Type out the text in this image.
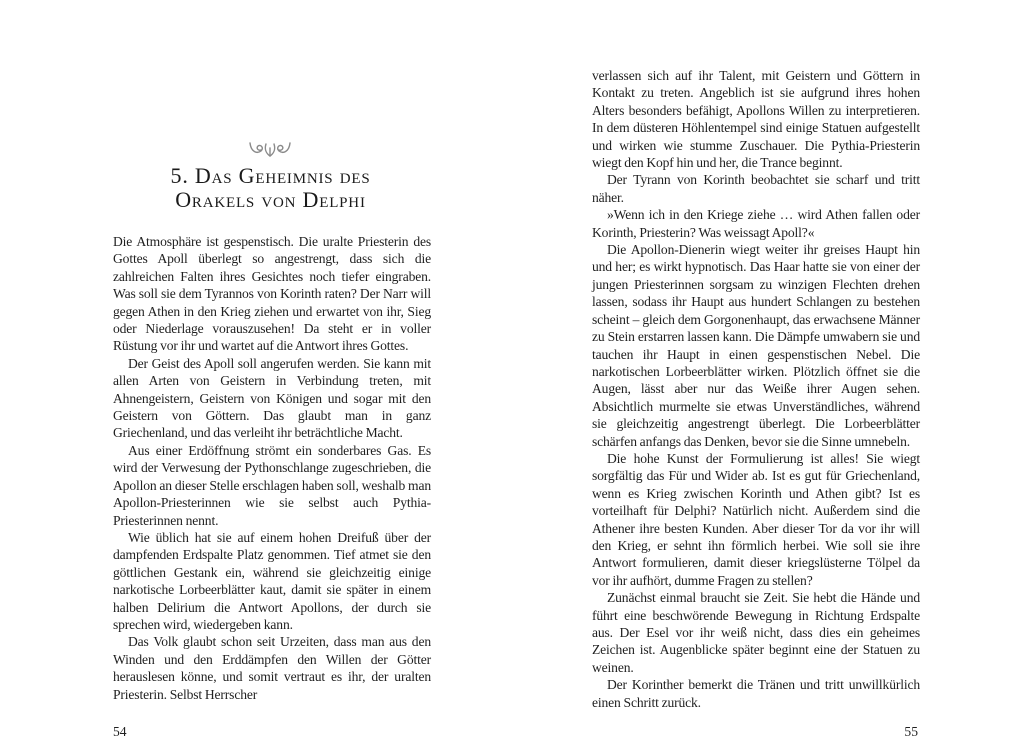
5. Das Geheimnis des
Orakels von Delphi

Die Atmosphäre ist gespenstisch. Die uralte Priesterin des Gottes Apoll überlegt so angestrengt, dass sich die zahlreichen Falten ihres Gesichtes noch tiefer eingraben. Was soll sie dem Tyrannos von Korinth raten? Der Narr will gegen Athen in den Krieg ziehen und erwartet von ihr, Sieg oder Niederlage vorauszusehen! Da steht er in voller Rüstung vor ihr und wartet auf die Antwort ihres Gottes.

Der Geist des Apoll soll angerufen werden. Sie kann mit allen Arten von Geistern in Verbindung treten, mit Ahnengeistern, Geistern von Königen und sogar mit den Geistern von Göttern. Das glaubt man in ganz Griechenland, und das verleiht ihr beträchtliche Macht.

Aus einer Erdöffnung strömt ein sonderbares Gas. Es wird der Verwesung der Pythonschlange zugeschrieben, die Apollon an dieser Stelle erschlagen haben soll, weshalb man Apollon-Priesterinnen wie sie selbst auch Pythia-Priesterinnen nennt.

Wie üblich hat sie auf einem hohen Dreifuß über der dampfenden Erdspalte Platz genommen. Tief atmet sie den göttlichen Gestank ein, während sie gleichzeitig einige narkotische Lorbeerblätter kaut, damit sie später in einem halben Delirium die Antwort Apollons, der durch sie sprechen wird, wiedergeben kann.

Das Volk glaubt schon seit Urzeiten, dass man aus den Winden und den Erddämpfen den Willen der Götter herauslesen könne, und somit vertraut es ihr, der uralten Priesterin. Selbst Herrscher

54

verlassen sich auf ihr Talent, mit Geistern und Göttern in Kontakt zu treten. Angeblich ist sie aufgrund ihres hohen Alters besonders befähigt, Apollons Willen zu interpretieren. In dem düsteren Höhlentempel sind einige Statuen aufgestellt und wirken wie stumme Zuschauer. Die Pythia-Priesterin wiegt den Kopf hin und her, die Trance beginnt.

Der Tyrann von Korinth beobachtet sie scharf und tritt näher.

»Wenn ich in den Kriege ziehe … wird Athen fallen oder Korinth, Priesterin? Was weissagt Apoll?«

Die Apollon-Dienerin wiegt weiter ihr greises Haupt hin und her; es wirkt hypnotisch. Das Haar hatte sie von einer der jungen Priesterinnen sorgsam zu winzigen Flechten drehen lassen, sodass ihr Haupt aus hundert Schlangen zu bestehen scheint – gleich dem Gorgonenhaupt, das erwachsene Männer zu Stein erstarren lassen kann. Die Dämpfe umwabern sie und tauchen ihr Haupt in einen gespenstischen Nebel. Die narkotischen Lorbeerblätter wirken. Plötzlich öffnet sie die Augen, lässt aber nur das Weiße ihrer Augen sehen. Absichtlich murmelte sie etwas Unverständliches, während sie gleichzeitig angestrengt überlegt. Die Lorbeerblätter schärfen anfangs das Denken, bevor sie die Sinne umnebeln.

Die hohe Kunst der Formulierung ist alles! Sie wiegt sorgfältig das Für und Wider ab. Ist es gut für Griechenland, wenn es Krieg zwischen Korinth und Athen gibt? Ist es vorteilhaft für Delphi? Natürlich nicht. Außerdem sind die Athener ihre besten Kunden. Aber dieser Tor da vor ihr will den Krieg, er sehnt ihn förmlich herbei. Wie soll sie ihre Antwort formulieren, damit dieser kriegslüsterne Tölpel da vor ihr aufhört, dumme Fragen zu stellen?

Zunächst einmal braucht sie Zeit. Sie hebt die Hände und führt eine beschwörende Bewegung in Richtung Erdspalte aus. Der Esel vor ihr weiß nicht, dass dies ein geheimes Zeichen ist. Augenblicke später beginnt eine der Statuen zu weinen.

Der Korinther bemerkt die Tränen und tritt unwillkürlich einen Schritt zurück.

55
